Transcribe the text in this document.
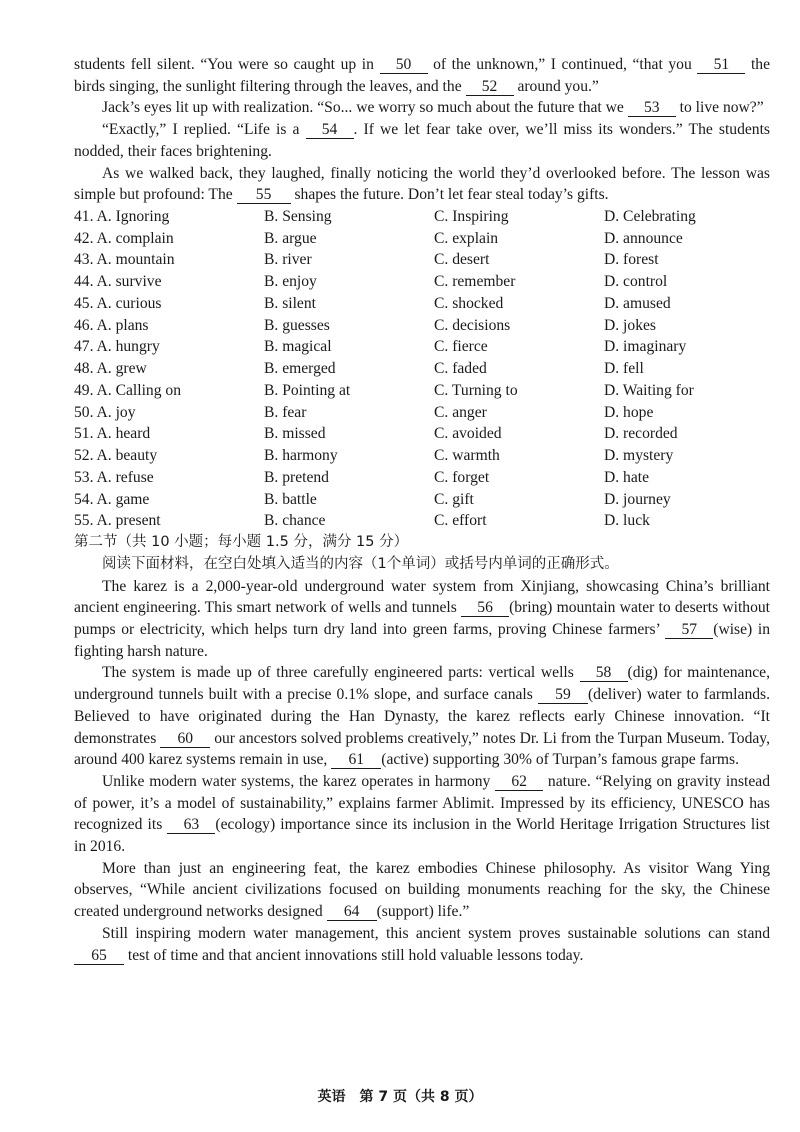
students fell silent. “You were so caught up in 50 of the unknown,” I continued, “that you 51 the birds singing, the sunlight filtering through the leaves, and the 52 around you.”

Jack’s eyes lit up with realization. “So... we worry so much about the future that we 53 to live now?”

“Exactly,” I replied. “Life is a 54 . If we let fear take over, we’ll miss its wonders.” The students nodded, their faces brightening.

As we walked back, they laughed, finally noticing the world they’d overlooked before. The lesson was simple but profound: The 55 shapes the future. Don’t let fear steal today’s gifts.

41. A. Ignoring	B. Sensing	C. Inspiring	D. Celebrating
42. A. complain	B. argue	C. explain	D. announce
43. A. mountain	B. river	C. desert	D. forest
44. A. survive	B. enjoy	C. remember	D. control
45. A. curious	B. silent	C. shocked	D. amused
46. A. plans	B. guesses	C. decisions	D. jokes
47. A. hungry	B. magical	C. fierce	D. imaginary
48. A. grew	B. emerged	C. faded	D. fell
49. A. Calling on	B. Pointing at	C. Turning to	D. Waiting for
50. A. joy	B. fear	C. anger	D. hope
51. A. heard	B. missed	C. avoided	D. recorded
52. A. beauty	B. harmony	C. warmth	D. mystery
53. A. refuse	B. pretend	C. forget	D. hate
54. A. game	B. battle	C. gift	D. journey
55. A. present	B. chance	C. effort	D. luck

第二节（共 10 小题；每小题 1.5 分，满分 15 分）

阅读下面材料，在空白处填入适当的内容（1个单词）或括号内单词的正确形式。

The karez is a 2,000-year-old underground water system from Xinjiang, showcasing China’s brilliant ancient engineering. This smart network of wells and tunnels 56 (bring) mountain water to deserts without pumps or electricity, which helps turn dry land into green farms, proving Chinese farmers’ 57 (wise) in fighting harsh nature.

The system is made up of three carefully engineered parts: vertical wells 58 (dig) for maintenance, underground tunnels built with a precise 0.1% slope, and surface canals 59 (deliver) water to farmlands. Believed to have originated during the Han Dynasty, the karez reflects early Chinese innovation. “It demonstrates 60 our ancestors solved problems creatively,” notes Dr. Li from the Turpan Museum. Today, around 400 karez systems remain in use, 61 (active) supporting 30% of Turpan’s famous grape farms.

Unlike modern water systems, the karez operates in harmony 62 nature. “Relying on gravity instead of power, it’s a model of sustainability,” explains farmer Ablimit. Impressed by its efficiency, UNESCO has recognized its 63 (ecology) importance since its inclusion in the World Heritage Irrigation Structures list in 2016.

More than just an engineering feat, the karez embodies Chinese philosophy. As visitor Wang Ying observes, “While ancient civilizations focused on building monuments reaching for the sky, the Chinese created underground networks designed 64 (support) life.”

Still inspiring modern water management, this ancient system proves sustainable solutions can stand 65 test of time and that ancient innovations still hold valuable lessons today.

英语　第 7 页（共 8 页）
